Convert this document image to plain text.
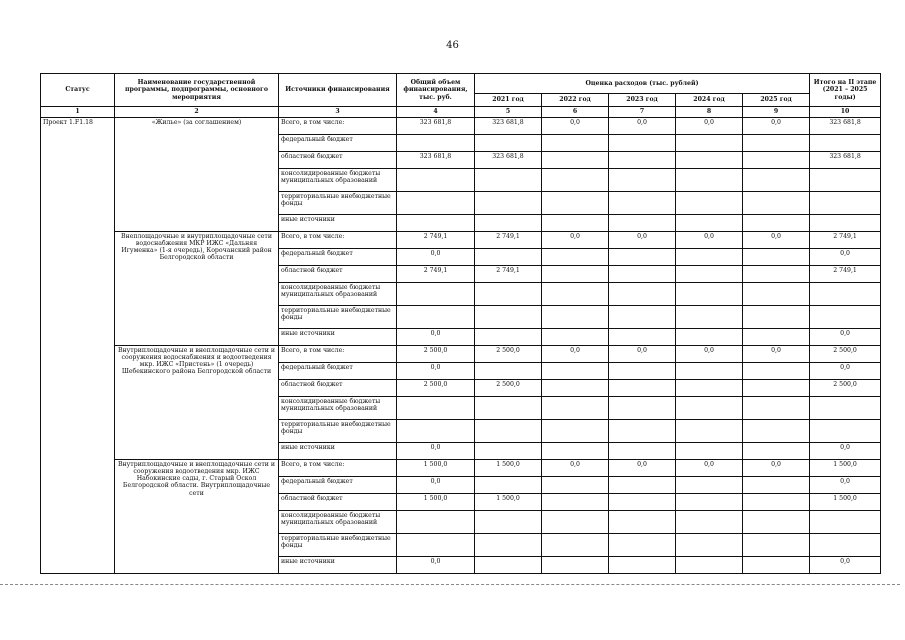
46
Статус	Наименование государственной программы, подпрограммы, основного мероприятия	Источники финансирования	Общий объем финансирования, тыс. руб.	Оценка расходов (тыс. рублей)					Итого на II этапе (2021 – 2025 годы)
				2021 год	2022 год	2023 год	2024 год	2025 год	
1	2	3	4	5	6	7	8	9	10
Проект 1.F1.18	«Жилье» (за соглашением)	Всего, в том числе:	323 681,8	323 681,8	0,0	0,0	0,0	0,0	323 681,8
		федеральный бюджет							
		областной бюджет	323 681,8	323 681,8					323 681,8
		консолидированные бюджеты муниципальных образований							
		территориальные внебюджетные фонды							
		иные источники							
	Внеплощадочные и внутриплощадочные сети водоснабжения МКР ИЖС «Дальняя Игуменка» (1-я очередь), Корочанский район Белгородской области	Всего, в том числе:	2 749,1	2 749,1	0,0	0,0	0,0	0,0	2 749,1
		федеральный бюджет	0,0						0,0
		областной бюджет	2 749,1	2 749,1					2 749,1
		консолидированные бюджеты муниципальных образований							
		территориальные внебюджетные фонды							
		иные источники	0,0						0,0
	Внутриплощадочные и внеплощадочные сети и сооружения водоснабжения и водоотведения мкр. ИЖС «Пристень» (1 очередь) Шебекинского района Белгородской области	Всего, в том числе:	2 500,0	2 500,0	0,0	0,0	0,0	0,0	2 500,0
		федеральный бюджет	0,0						0,0
		областной бюджет	2 500,0	2 500,0					2 500,0
		консолидированные бюджеты муниципальных образований							
		территориальные внебюджетные фонды							
		иные источники	0,0						0,0
	Внутриплощадочные и внеплощадочные сети и сооружения водоотведения мкр. ИЖС Набокинские сады, г. Старый Оскол Белгородской области. Внутриплощадочные сети	Всего, в том числе:	1 500,0	1 500,0	0,0	0,0	0,0	0,0	1 500,0
		федеральный бюджет	0,0						0,0
		областной бюджет	1 500,0	1 500,0					1 500,0
		консолидированные бюджеты муниципальных образований							
		территориальные внебюджетные фонды							
		иные источники	0,0						0,0
